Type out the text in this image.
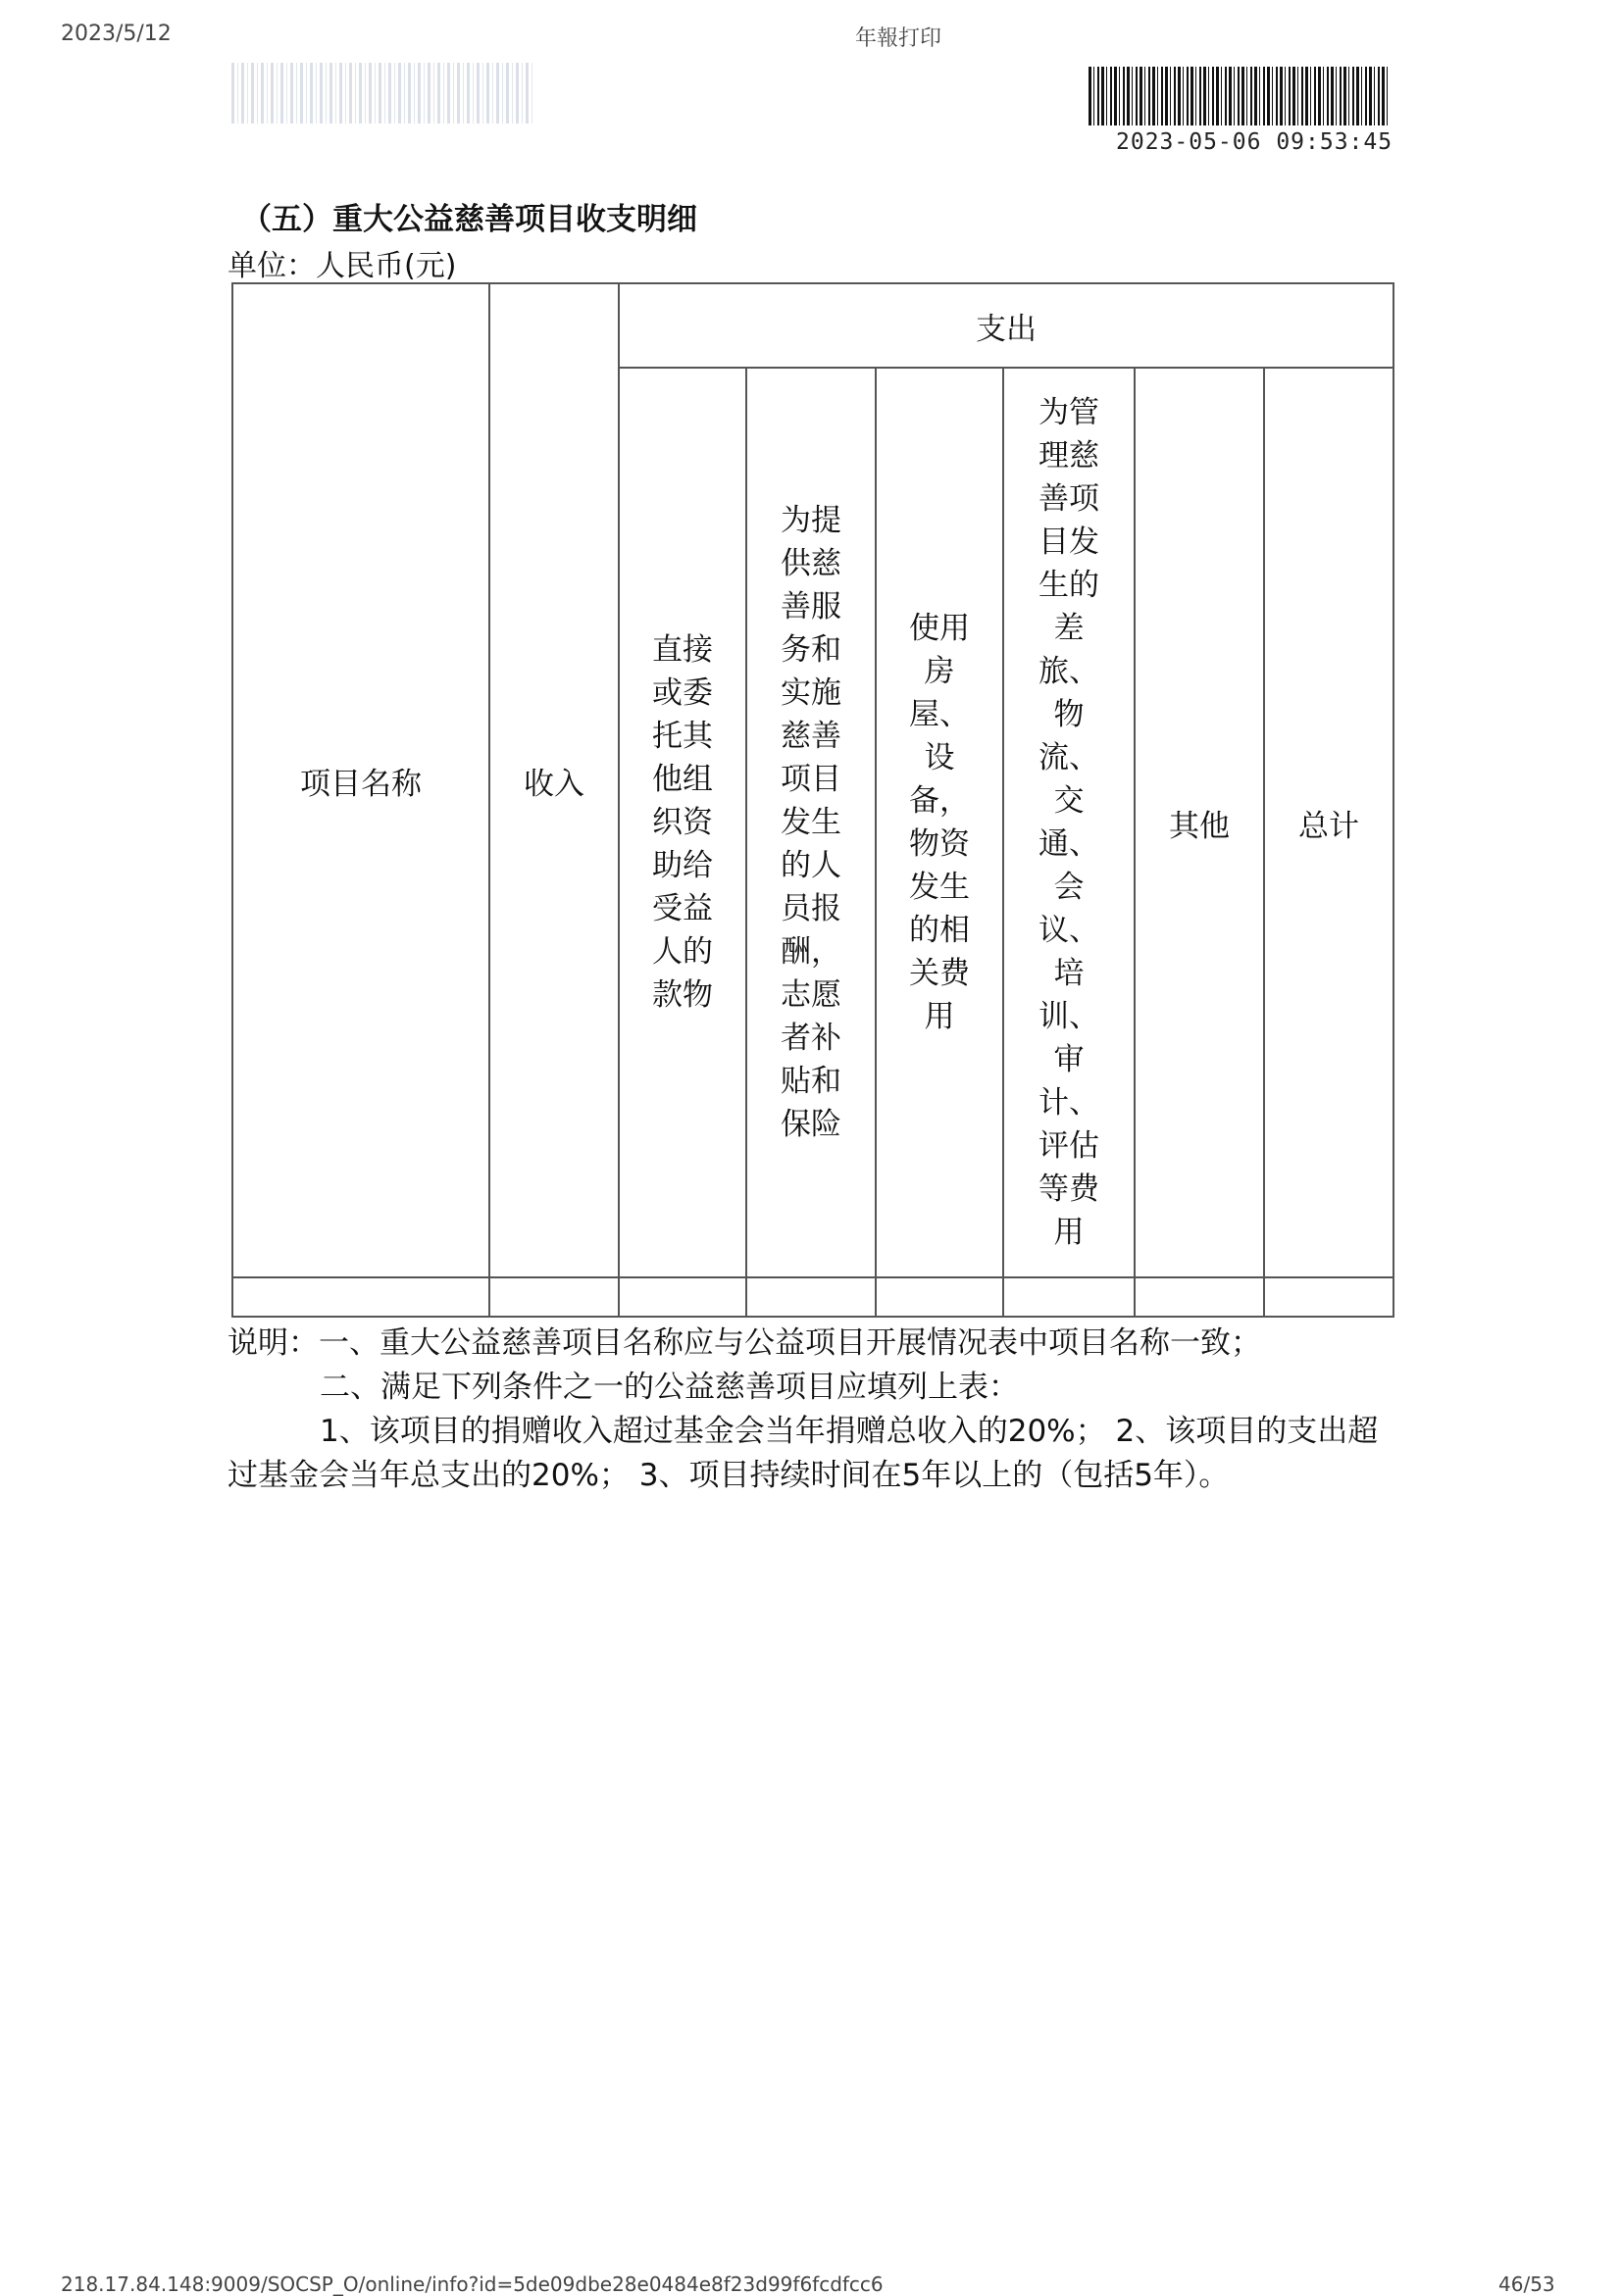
2023/5/12	年報打印
2023-05-06 09:53:45
（五）重大公益慈善项目收支明细
单位：人民币(元)
项目名称	收入	支出					
		直接或委托其他组织资助给受益人的款物	为提供慈善服务和实施慈善项目发生的人员报酬，志愿者补贴和保险	使用房屋、设备，物资发生的相关费用	为管理慈善项目发生的差旅、物流、交通、会议、培训、审计、评估等费用	其他	总计

说明：一、重大公益慈善项目名称应与公益项目开展情况表中项目名称一致；

二、满足下列条件之一的公益慈善项目应填列上表：

1、该项目的捐赠收入超过基金会当年捐赠总收入的20%； 2、该项目的支出超过基金会当年总支出的20%； 3、项目持续时间在5年以上的（包括5年）。

218.17.84.148:9009/SOCSP_O/online/info?id=5de09dbe28e0484e8f23d99f6fcdfcc6	46/53
